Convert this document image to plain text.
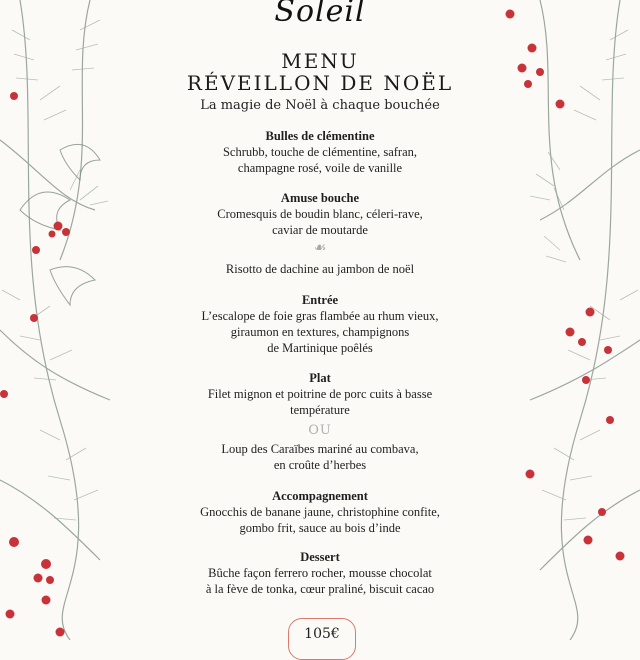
Soleil
MENU
RÉVEILLON DE NOËL
La magie de Noël à chaque bouchée
Bulles de clémentine
Schrubb, touche de clémentine, safran,
champagne rosé, voile de vanille
Amuse bouche
Cromesquis de boudin blanc, céleri-rave,
caviar de moutarde
☙
Risotto de dachine au jambon de noël
Entrée
L’escalope de foie gras flambée au rhum vieux,
giraumon en textures, champignons
de Martinique poêlés
Plat
Filet mignon et poitrine de porc cuits à basse
température
OU
Loup des Caraïbes mariné au combava,
en croûte d’herbes
Accompagnement
Gnocchis de banane jaune, christophine confite,
gombo frit, sauce au bois d’inde
Dessert
Bûche façon ferrero rocher, mousse chocolat
à la fève de tonka, cœur praliné, biscuit cacao
105€
